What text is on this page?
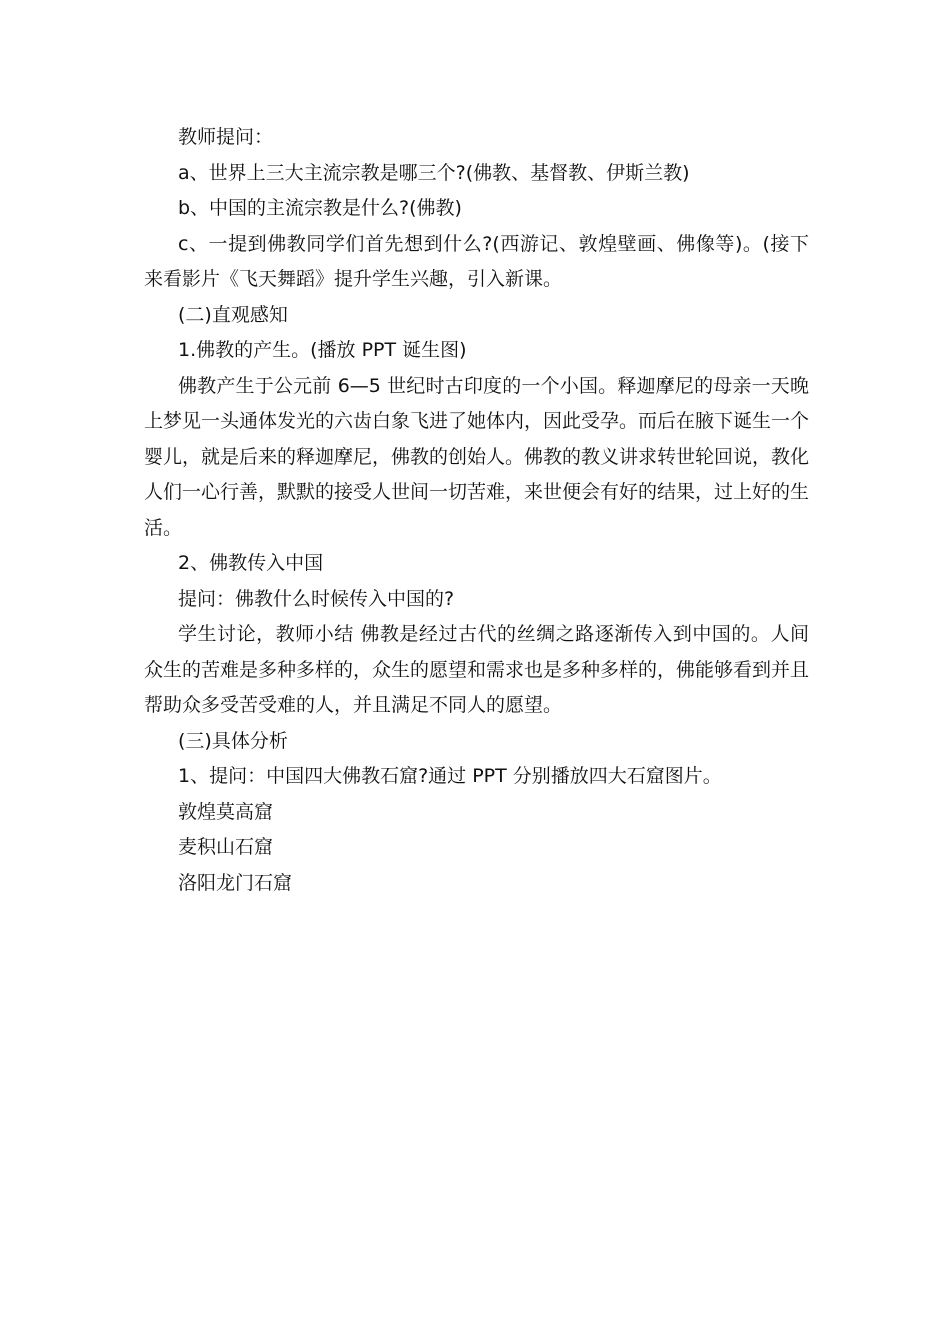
教师提问：

a、世界上三大主流宗教是哪三个?(佛教、基督教、伊斯兰教)

b、中国的主流宗教是什么?(佛教)

c、一提到佛教同学们首先想到什么?(西游记、敦煌壁画、佛像等)。(接下来看影片《飞天舞蹈》提升学生兴趣，引入新课。

(二)直观感知

1.佛教的产生。(播放 PPT 诞生图)

佛教产生于公元前 6—5 世纪时古印度的一个小国。释迦摩尼的母亲一天晚上梦见一头通体发光的六齿白象飞进了她体内，因此受孕。而后在腋下诞生一个婴儿，就是后来的释迦摩尼，佛教的创始人。佛教的教义讲求转世轮回说，教化人们一心行善，默默的接受人世间一切苦难，来世便会有好的结果，过上好的生活。

2、佛教传入中国

提问：佛教什么时候传入中国的?

学生讨论，教师小结 佛教是经过古代的丝绸之路逐渐传入到中国的。人间众生的苦难是多种多样的，众生的愿望和需求也是多种多样的，佛能够看到并且帮助众多受苦受难的人，并且满足不同人的愿望。

(三)具体分析

1、提问：中国四大佛教石窟?通过 PPT 分别播放四大石窟图片。

敦煌莫高窟

麦积山石窟

洛阳龙门石窟
